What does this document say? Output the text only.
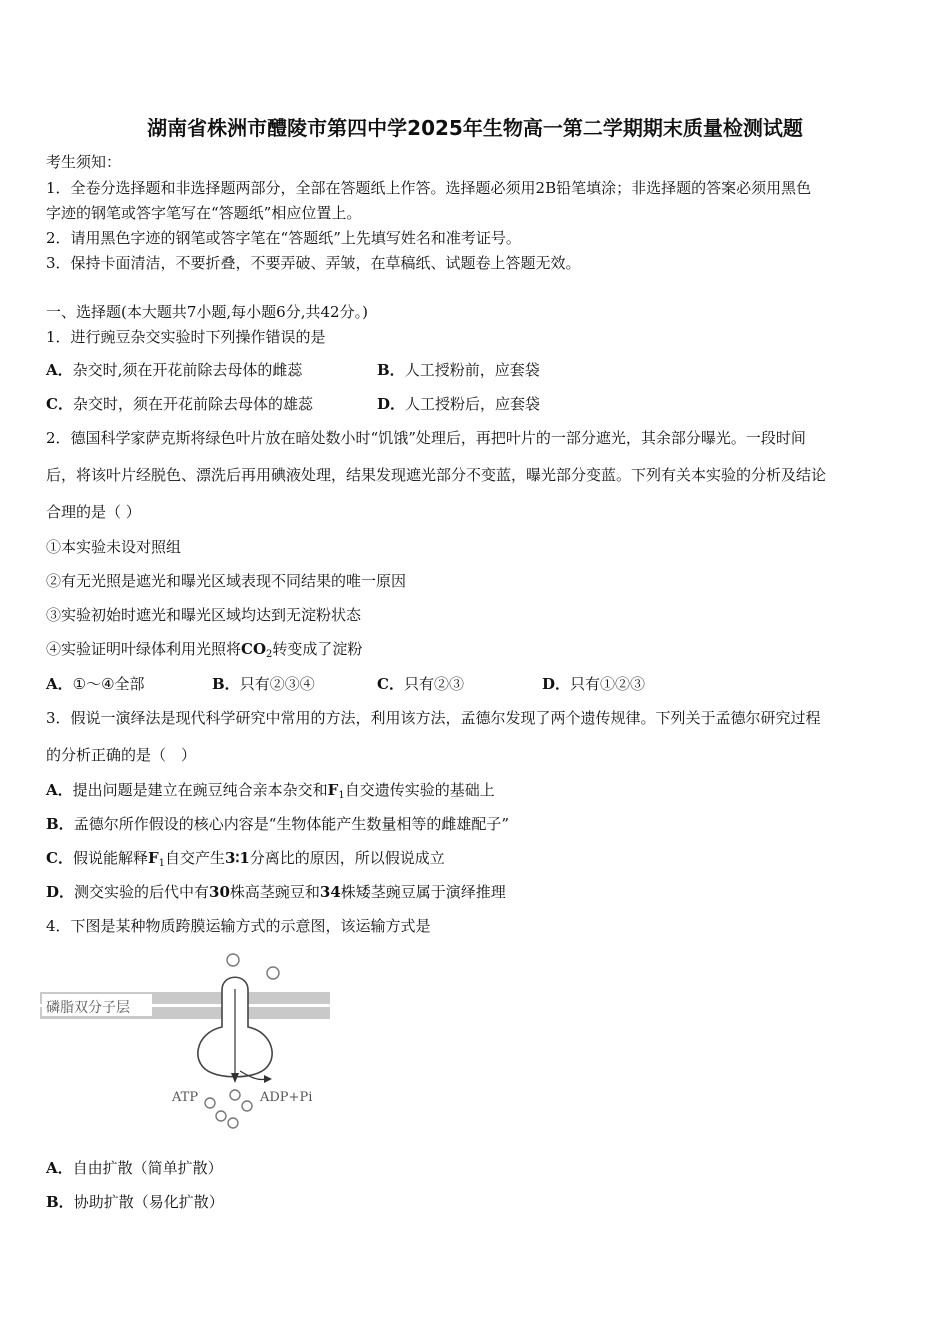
湖南省株洲市醴陵市第四中学2025年生物高一第二学期期末质量检测试题
考生须知：
1．全卷分选择题和非选择题两部分，全部在答题纸上作答。选择题必须用2B铅笔填涂；非选择题的答案必须用黑色
字迹的钢笔或答字笔写在“答题纸”相应位置上。
2．请用黑色字迹的钢笔或答字笔在“答题纸”上先填写姓名和准考证号。
3．保持卡面清洁，不要折叠，不要弄破、弄皱，在草稿纸、试题卷上答题无效。
一、选择题(本大题共7小题,每小题6分,共42分。)
1．进行豌豆杂交实验时下列操作错误的是
A．杂交时,须在开花前除去母体的雌蕊	B．人工授粉前，应套袋
C．杂交时，须在开花前除去母体的雄蕊	D．人工授粉后，应套袋
2．德国科学家萨克斯将绿色叶片放在暗处数小时“饥饿”处理后，再把叶片的一部分遮光，其余部分曝光。一段时间
后，将该叶片经脱色、漂洗后再用碘液处理，结果发现遮光部分不变蓝，曝光部分变蓝。下列有关本实验的分析及结论
合理的是（ ）
①本实验未设对照组
②有无光照是遮光和曝光区域表现不同结果的唯一原因
③实验初始时遮光和曝光区域均达到无淀粉状态
④实验证明叶绿体利用光照将$CO_2$转变成了淀粉
A．①～④全部	B．只有②③④	C．只有②③	D．只有①②③
3．假说一演绎法是现代科学研究中常用的方法，利用该方法，孟德尔发现了两个遗传规律。下列关于孟德尔研究过程
的分析正确的是（　）
A．提出问题是建立在豌豆纯合亲本杂交和$F_1$自交遗传实验的基础上
B．孟德尔所作假设的核心内容是“生物体能产生数量相等的雌雄配子”
C．假说能解释$F_1$自交产生3∶1分离比的原因，所以假说成立
D．测交实验的后代中有30株高茎豌豆和34株矮茎豌豆属于演绎推理
4．下图是某种物质跨膜运输方式的示意图，该运输方式是
磷脂双分子层
ATP	ADP+Pi
A．自由扩散（简单扩散）
B．协助扩散（易化扩散）
